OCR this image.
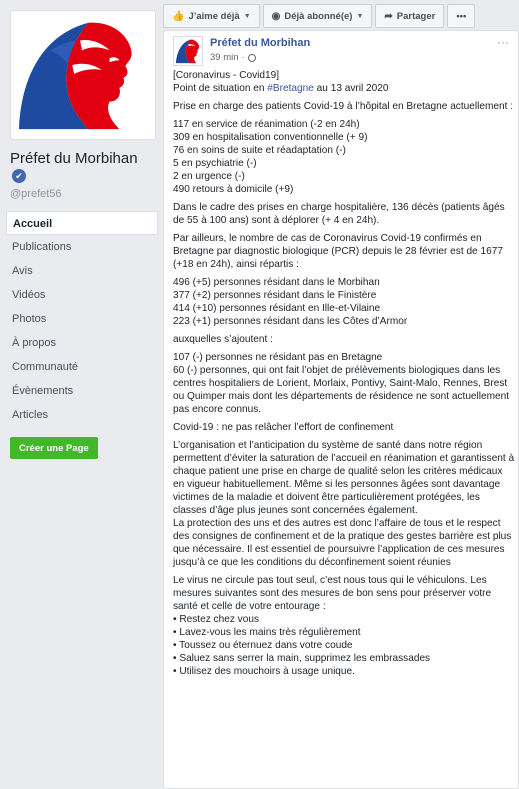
Préfet du Morbihan
✔
@prefet56
Accueil
Publications
Avis
Vidéos
Photos
À propos
Communauté
Évènements
Articles
Créer une Page
👍 J’aime déjà ▼ ◉ Déjà abonné(e) ▼ ➦ Partager	•••
Préfet du Morbihan
39 min ·
···

[Coronavirus - Covid19]
Point de situation en #Bretagne au 13 avril 2020

Prise en charge des patients Covid-19 à l’hôpital en Bretagne actuellement :

117 en service de réanimation (-2 en 24h)
309 en hospitalisation conventionnelle (+ 9)
76 en soins de suite et réadaptation (-)
5 en psychiatrie (-)
2 en urgence (-)
490 retours à domicile (+9)

Dans le cadre des prises en charge hospitalière, 136 décès (patients âgés de 55 à 100 ans) sont à déplorer (+ 4 en 24h).

Par ailleurs, le nombre de cas de Coronavirus Covid-19 confirmés en Bretagne par diagnostic biologique (PCR) depuis le 28 février est de 1677 (+18 en 24h), ainsi répartis :

496 (+5) personnes résidant dans le Morbihan
377 (+2) personnes résidant dans le Finistère
414 (+10) personnes résidant en Ille-et-Vilaine
223 (+1) personnes résidant dans les Côtes d’Armor

auxquelles s’ajoutent :

107 (-) personnes ne résidant pas en Bretagne
60 (-) personnes, qui ont fait l’objet de prélèvements biologiques dans les centres hospitaliers de Lorient, Morlaix, Pontivy, Saint-Malo, Rennes, Brest ou Quimper mais dont les départements de résidence ne sont actuellement pas encore connus.

Covid-19 : ne pas relâcher l’effort de confinement

L’organisation et l’anticipation du système de santé dans notre région permettent d’éviter la saturation de l’accueil en réanimation et garantissent à chaque patient une prise en charge de qualité selon les critères médicaux en vigueur habituellement. Même si les personnes âgées sont davantage victimes de la maladie et doivent être particulièrement protégées, les classes d’âge plus jeunes sont concernées également.
La protection des uns et des autres est donc l’affaire de tous et le respect des consignes de confinement et de la pratique des gestes barrière est plus que nécessaire. Il est essentiel de poursuivre l’application de ces mesures jusqu’à ce que les conditions du déconfinement soient réunies

Le virus ne circule pas tout seul, c’est nous tous qui le véhiculons. Les mesures suivantes sont des mesures de bon sens pour préserver votre santé et celle de votre entourage :
• Restez chez vous
• Lavez-vous les mains très régulièrement
• Toussez ou éternuez dans votre coude
• Saluez sans serrer la main, supprimez les embrassades
• Utilisez des mouchoirs à usage unique.
